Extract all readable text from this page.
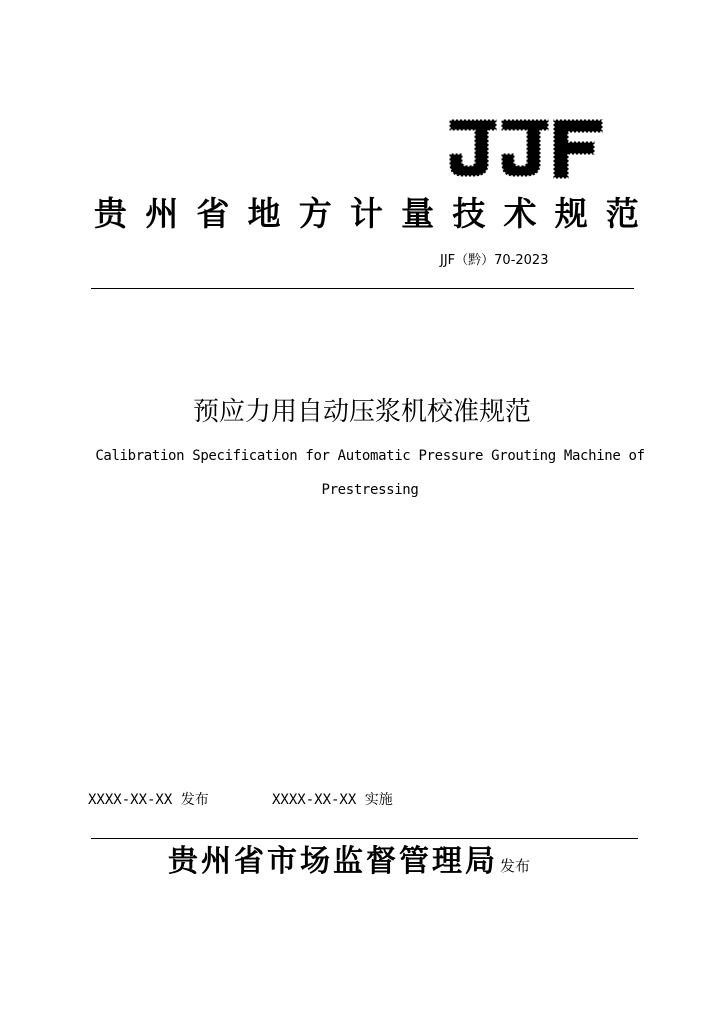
贵 州 省 地 方 计 量 技 术 规 范
JJF（黔）70-2023
预应力用自动压浆机校准规范
Calibration Specification for Automatic Pressure Grouting Machine of
Prestressing
XXXX-XX-XX 发布	XXXX-XX-XX 实施
贵州省市场监督管理局 发布
